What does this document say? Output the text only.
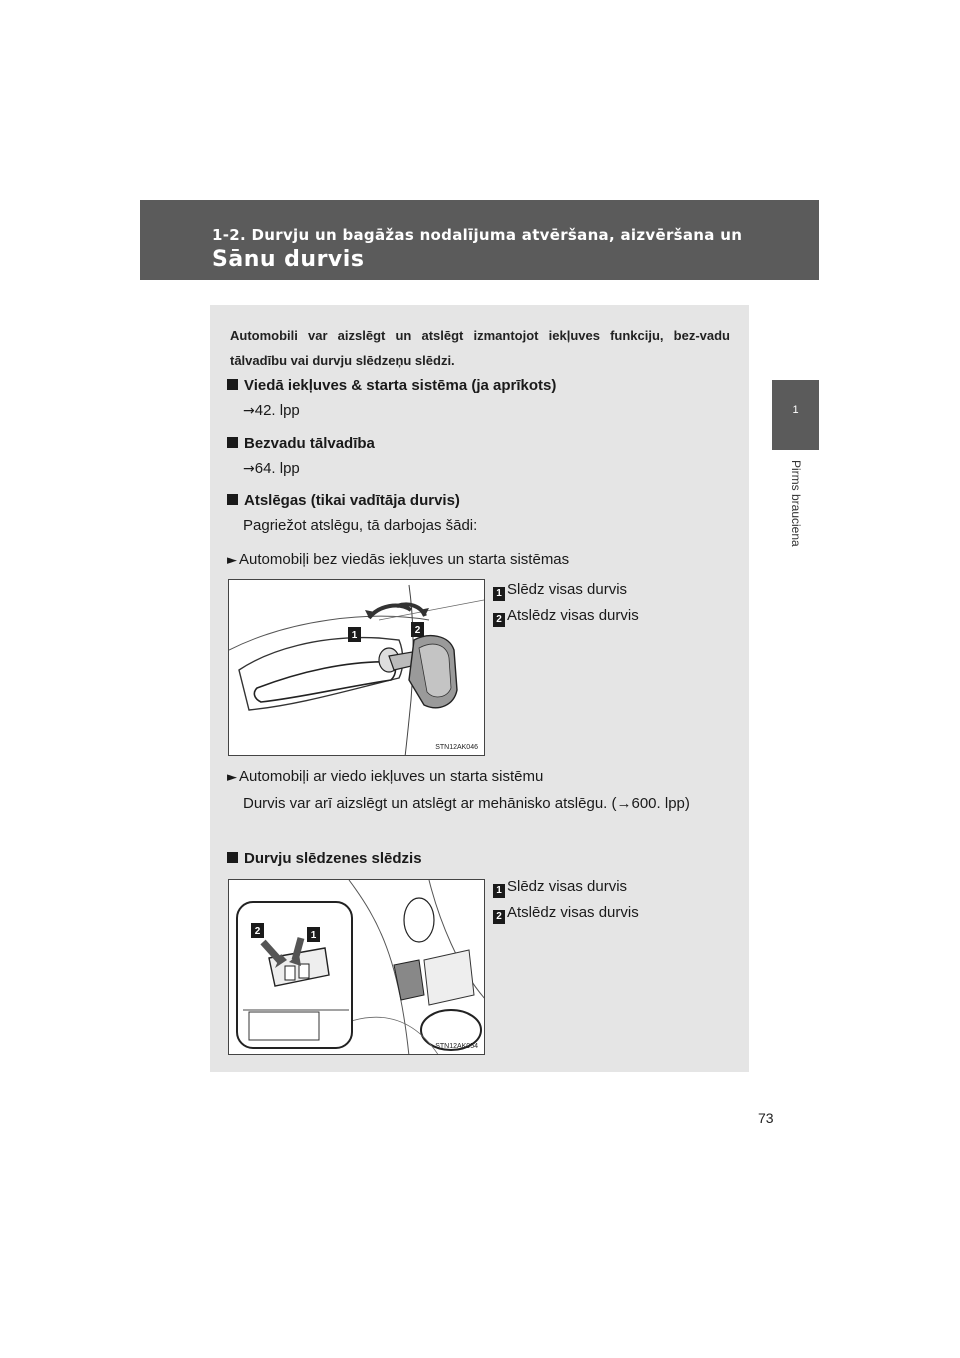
1-2. Durvju un bagāžas nodalījuma atvēršana, aizvēršana un
Sānu durvis
1
Pirms brauciena
Automobili var aizslēgt un atslēgt izmantojot iekļuves funkciju, bez-vadu tālvadību vai durvju slēdzeņu slēdzi.
Viedā iekļuves & starta sistēma (ja aprīkots)
→42. lpp
Bezvadu tālvadība
→64. lpp
Atslēgas (tikai vadītāja durvis)
Pagriežot atslēgu, tā darbojas šādi:
► Automobiļi bez viedās iekļuves un starta sistēmas
1	2
STN12AK046
1 Slēdz visas durvis
2 Atslēdz visas durvis
► Automobiļi ar viedo iekļuves un starta sistēmu
Durvis var arī aizslēgt un atslēgt ar mehānisko atslēgu. (→600. lpp)
Durvju slēdzenes slēdzis
2	1
STN12AK054
1 Slēdz visas durvis
2 Atslēdz visas durvis
73
